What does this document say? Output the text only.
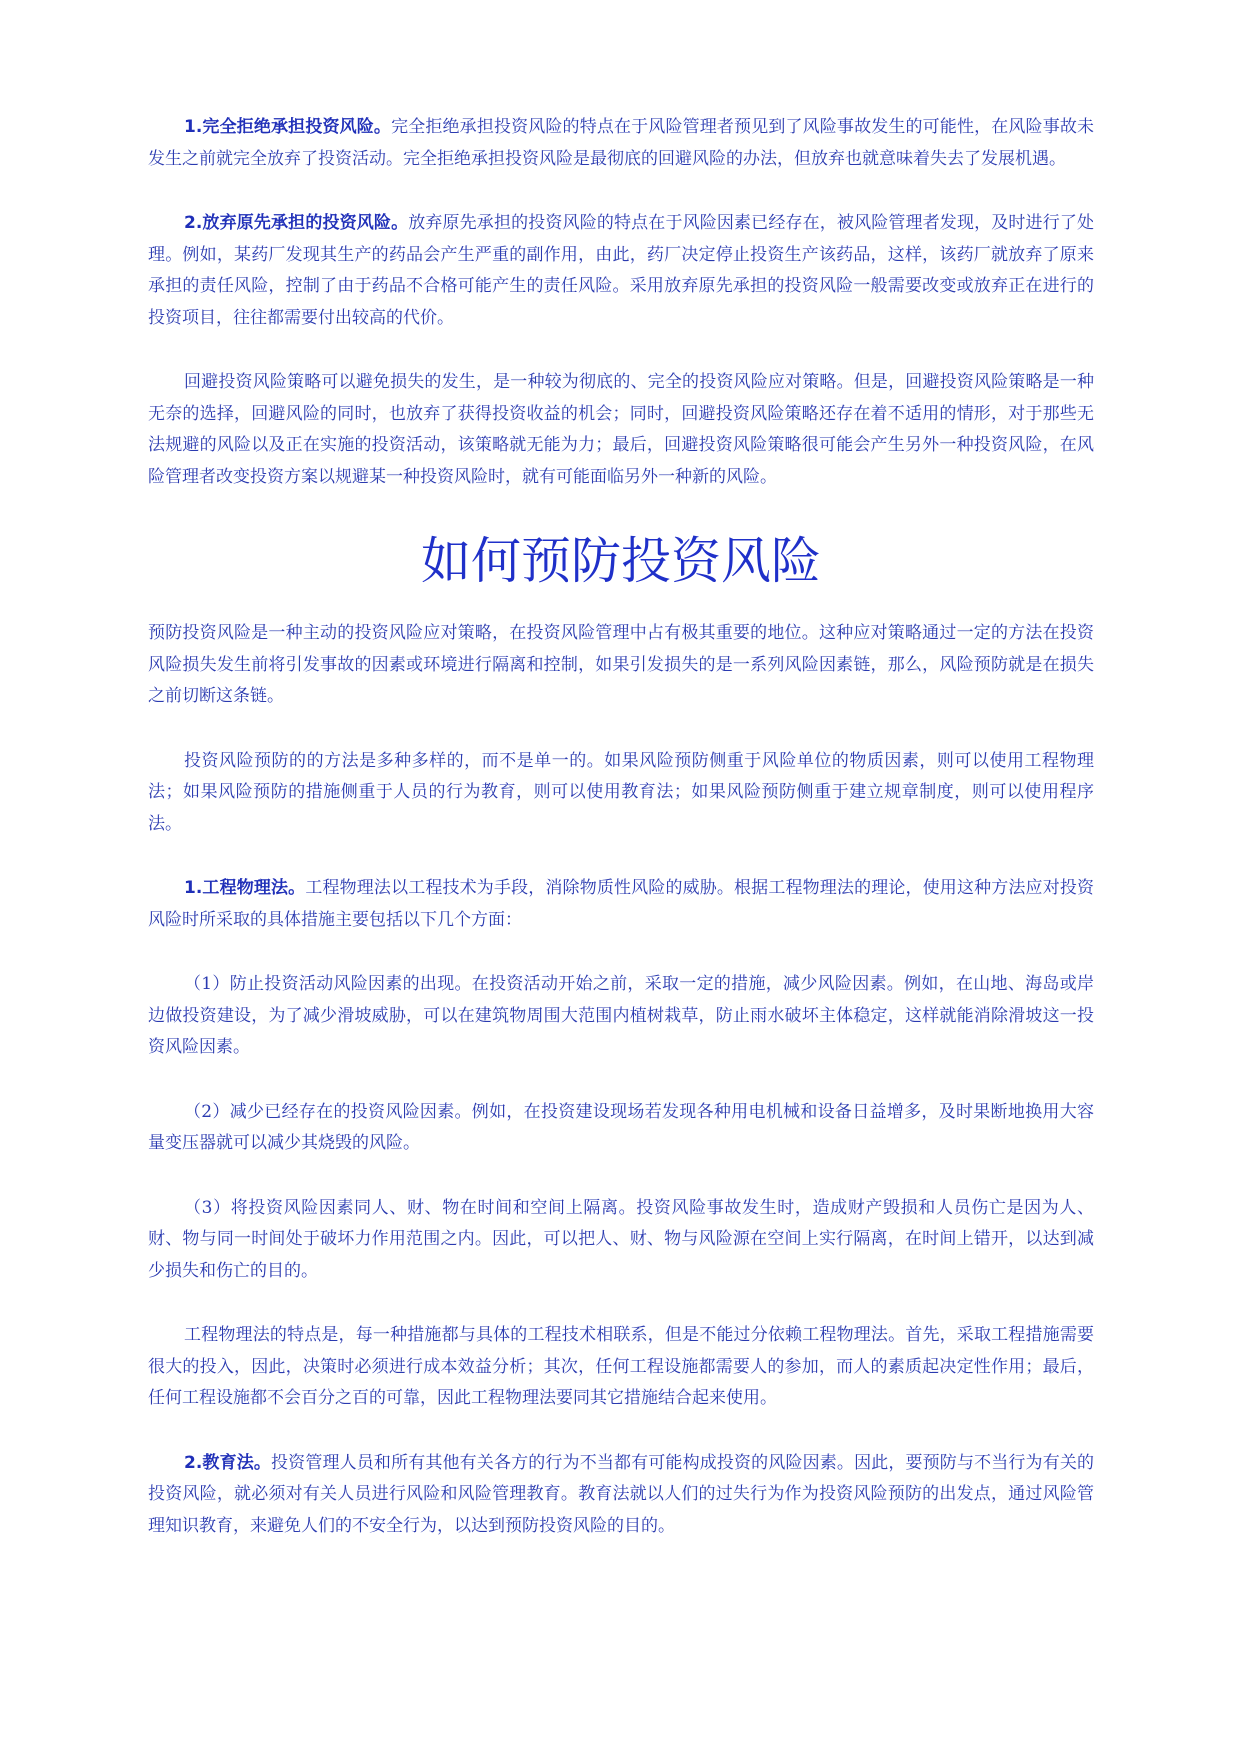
1.完全拒绝承担投资风险。完全拒绝承担投资风险的特点在于风险管理者预见到了风险事故发生的可能性，在风险事故未发生之前就完全放弃了投资活动。完全拒绝承担投资风险是最彻底的回避风险的办法，但放弃也就意味着失去了发展机遇。

2.放弃原先承担的投资风险。放弃原先承担的投资风险的特点在于风险因素已经存在，被风险管理者发现，及时进行了处理。例如，某药厂发现其生产的药品会产生严重的副作用，由此，药厂决定停止投资生产该药品，这样，该药厂就放弃了原来承担的责任风险，控制了由于药品不合格可能产生的责任风险。采用放弃原先承担的投资风险一般需要改变或放弃正在进行的投资项目，往往都需要付出较高的代价。

回避投资风险策略可以避免损失的发生，是一种较为彻底的、完全的投资风险应对策略。但是，回避投资风险策略是一种无奈的选择，回避风险的同时，也放弃了获得投资收益的机会；同时，回避投资风险策略还存在着不适用的情形，对于那些无法规避的风险以及正在实施的投资活动，该策略就无能为力；最后，回避投资风险策略很可能会产生另外一种投资风险，在风险管理者改变投资方案以规避某一种投资风险时，就有可能面临另外一种新的风险。

如何预防投资风险

预防投资风险是一种主动的投资风险应对策略，在投资风险管理中占有极其重要的地位。这种应对策略通过一定的方法在投资风险损失发生前将引发事故的因素或环境进行隔离和控制，如果引发损失的是一系列风险因素链，那么，风险预防就是在损失之前切断这条链。

投资风险预防的的方法是多种多样的，而不是单一的。如果风险预防侧重于风险单位的物质因素，则可以使用工程物理法；如果风险预防的措施侧重于人员的行为教育，则可以使用教育法；如果风险预防侧重于建立规章制度，则可以使用程序法。

1.工程物理法。工程物理法以工程技术为手段，消除物质性风险的威胁。根据工程物理法的理论，使用这种方法应对投资风险时所采取的具体措施主要包括以下几个方面：

（1）防止投资活动风险因素的出现。在投资活动开始之前，采取一定的措施，减少风险因素。例如，在山地、海岛或岸边做投资建设，为了减少滑坡威胁，可以在建筑物周围大范围内植树栽草，防止雨水破坏主体稳定，这样就能消除滑坡这一投资风险因素。

（2）减少已经存在的投资风险因素。例如，在投资建设现场若发现各种用电机械和设备日益增多，及时果断地换用大容量变压器就可以减少其烧毁的风险。

（3）将投资风险因素同人、财、物在时间和空间上隔离。投资风险事故发生时，造成财产毁损和人员伤亡是因为人、财、物与同一时间处于破坏力作用范围之内。因此，可以把人、财、物与风险源在空间上实行隔离，在时间上错开，以达到减少损失和伤亡的目的。

工程物理法的特点是，每一种措施都与具体的工程技术相联系，但是不能过分依赖工程物理法。首先，采取工程措施需要很大的投入，因此，决策时必须进行成本效益分析；其次，任何工程设施都需要人的参加，而人的素质起决定性作用；最后，任何工程设施都不会百分之百的可靠，因此工程物理法要同其它措施结合起来使用。

2.教育法。投资管理人员和所有其他有关各方的行为不当都有可能构成投资的风险因素。因此，要预防与不当行为有关的投资风险，就必须对有关人员进行风险和风险管理教育。教育法就以人们的过失行为作为投资风险预防的出发点，通过风险管理知识教育，来避免人们的不安全行为，以达到预防投资风险的目的。
